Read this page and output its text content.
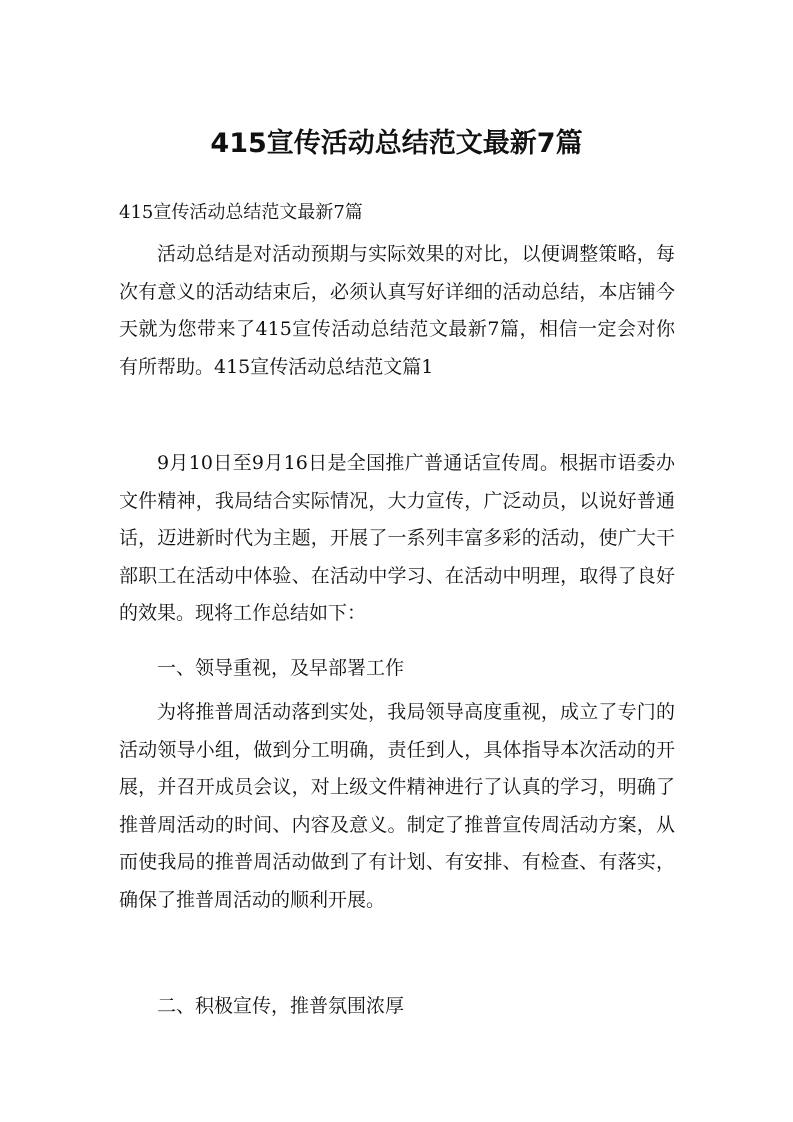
415宣传活动总结范文最新7篇

415宣传活动总结范文最新7篇

活动总结是对活动预期与实际效果的对比，以便调整策略，每次有意义的活动结束后，必须认真写好详细的活动总结，本店铺今天就为您带来了415宣传活动总结范文最新7篇，相信一定会对你有所帮助。415宣传活动总结范文篇1

9月10日至9月16日是全国推广普通话宣传周。根据市语委办文件精神，我局结合实际情况，大力宣传，广泛动员，以说好普通话，迈进新时代为主题，开展了一系列丰富多彩的活动，使广大干部职工在活动中体验、在活动中学习、在活动中明理，取得了良好的效果。现将工作总结如下：

一、领导重视，及早部署工作

为将推普周活动落到实处，我局领导高度重视，成立了专门的活动领导小组，做到分工明确，责任到人，具体指导本次活动的开展，并召开成员会议，对上级文件精神进行了认真的学习，明确了推普周活动的时间、内容及意义。制定了推普宣传周活动方案，从而使我局的推普周活动做到了有计划、有安排、有检查、有落实，确保了推普周活动的顺利开展。

二、积极宣传，推普氛围浓厚
